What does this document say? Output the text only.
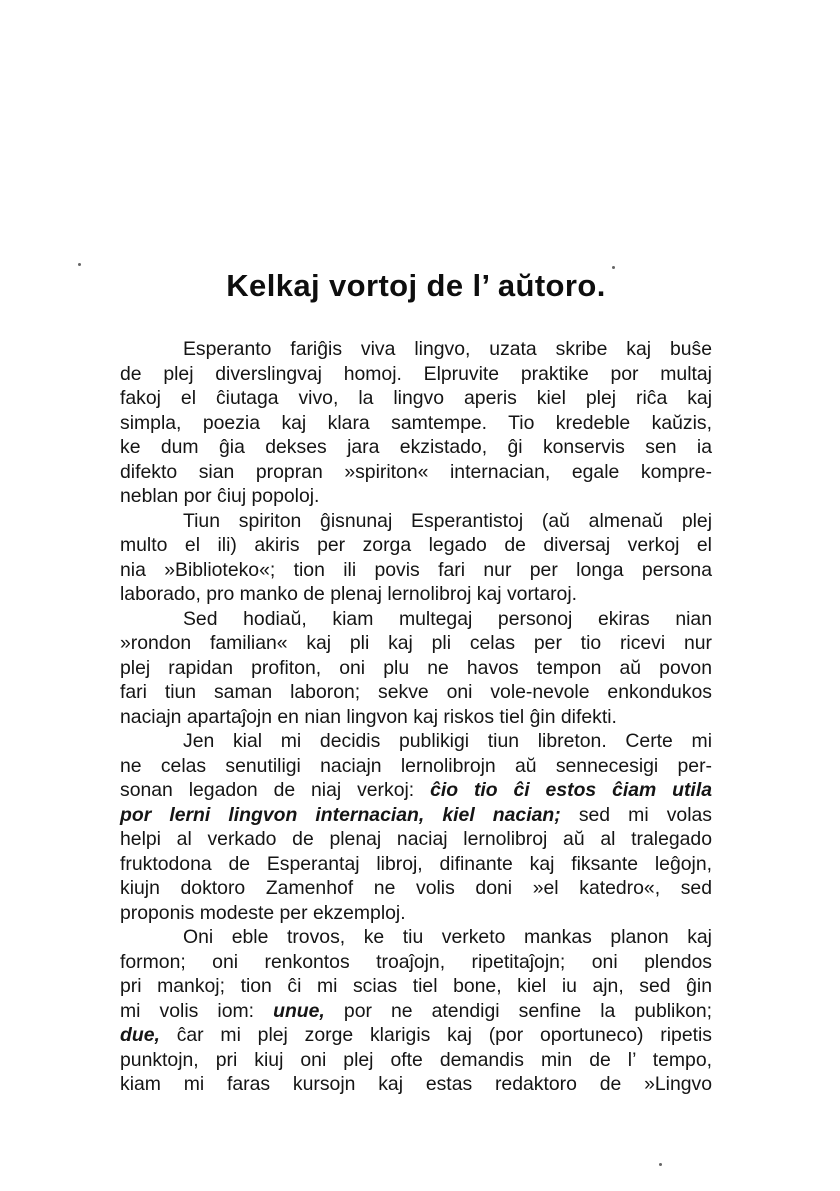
Kelkaj vortoj de l’ aŭtoro.
Esperanto fariĝis viva lingvo, uzata skribe kaj buŝe
de plej diverslingvaj homoj. Elpruvite praktike por multaj
fakoj el ĉiutaga vivo, la lingvo aperis kiel plej riĉa kaj
simpla, poezia kaj klara samtempe. Tio kredeble kaŭzis,
ke dum ĝia dekses jara ekzistado, ĝi konservis sen ia
difekto sian propran »spiriton« internacian, egale kompre-
neblan por ĉiuj popoloj.
Tiun spiriton ĝisnunaj Esperantistoj (aŭ almenaŭ plej
multo el ili) akiris per zorga legado de diversaj verkoj el
nia »Biblioteko«; tion ili povis fari nur per longa persona
laborado, pro manko de plenaj lernolibroj kaj vortaroj.
Sed hodiaŭ, kiam multegaj personoj ekiras nian
»rondon familian« kaj pli kaj pli celas per tio ricevi nur
plej rapidan profiton, oni plu ne havos tempon aŭ povon
fari tiun saman laboron; sekve oni vole-nevole enkondukos
naciajn apartaĵojn en nian lingvon kaj riskos tiel ĝin difekti.
Jen kial mi decidis publikigi tiun libreton. Certe mi
ne celas senutiligi naciajn lernolibrojn aŭ sennecesigi per-
sonan legadon de niaj verkoj: ĉio tio ĉi estos ĉiam utila
por lerni lingvon internacian, kiel nacian; sed mi volas
helpi al verkado de plenaj naciaj lernolibroj aŭ al tralegado
fruktodona de Esperantaj libroj, difinante kaj fiksante leĝojn,
kiujn doktoro Zamenhof ne volis doni »el katedro«, sed
proponis modeste per ekzemploj.
Oni eble trovos, ke tiu verketo mankas planon kaj
formon; oni renkontos troaĵojn, ripetitaĵojn; oni plendos
pri mankoj; tion ĉi mi scias tiel bone, kiel iu ajn, sed ĝin
mi volis iom: unue, por ne atendigi senfine la publikon;
due, ĉar mi plej zorge klarigis kaj (por oportuneco) ripetis
punktojn, pri kiuj oni plej ofte demandis min de l’ tempo,
kiam mi faras kursojn kaj estas redaktoro de »Lingvo
